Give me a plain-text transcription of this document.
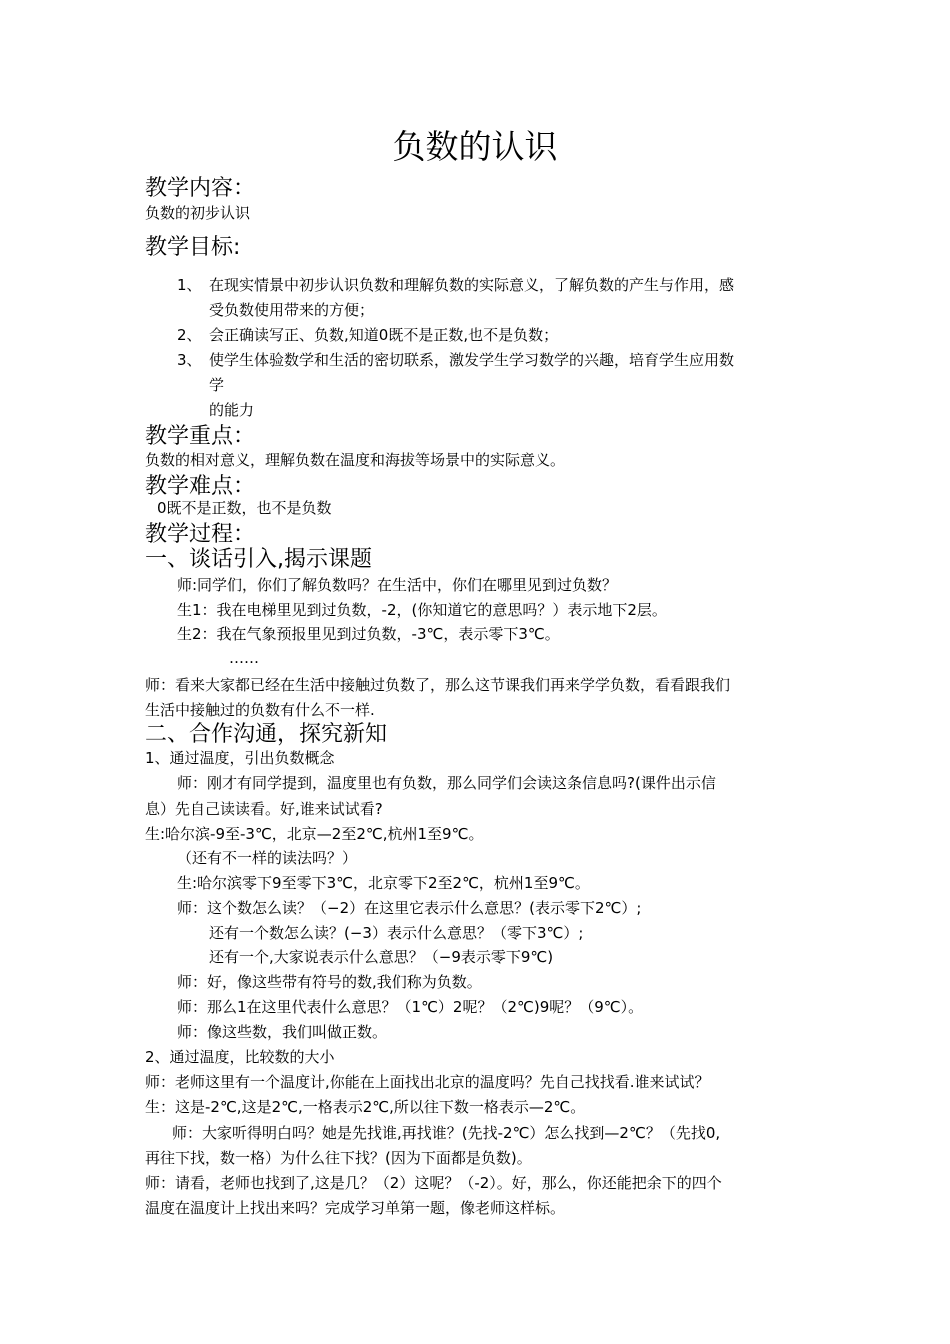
负数的认识
教学内容：
负数的初步认识
教学目标:
1、 在现实情景中初步认识负数和理解负数的实际意义，了解负数的产生与作用，感
受负数使用带来的方便；
2、 会正确读写正、负数,知道0既不是正数,也不是负数；
3、 使学生体验数学和生活的密切联系，激发学生学习数学的兴趣，培育学生应用数
学
的能力
教学重点：
负数的相对意义，理解负数在温度和海拔等场景中的实际意义。
教学难点：
0既不是正数，也不是负数
教学过程：
一、谈话引入,揭示课题
师:同学们，你们了解负数吗？在生活中，你们在哪里见到过负数？
生1：我在电梯里见到过负数，-2，(你知道它的意思吗？）表示地下2层。
生2：我在气象预报里见到过负数，-3℃，表示零下3℃。
……
师：看来大家都已经在生活中接触过负数了，那么这节课我们再来学学负数，看看跟我们
生活中接触过的负数有什么不一样.
二、合作沟通，探究新知
1、通过温度，引出负数概念
师：刚才有同学提到，温度里也有负数，那么同学们会读这条信息吗?(课件出示信
息）先自己读读看。好,谁来试试看?
生:哈尔滨-9至-3℃，北京—2至2℃,杭州1至9℃。
（还有不一样的读法吗？）
生:哈尔滨零下9至零下3℃，北京零下2至2℃，杭州1至9℃。
师：这个数怎么读？（−2）在这里它表示什么意思？(表示零下2℃）;
还有一个数怎么读？(−3）表示什么意思？（零下3℃）;
还有一个,大家说表示什么意思？（−9表示零下9℃)
师：好，像这些带有符号的数,我们称为负数。
师：那么1在这里代表什么意思？（1℃）2呢？（2℃)9呢？（9℃）。
师：像这些数，我们叫做正数。
2、通过温度，比较数的大小
师：老师这里有一个温度计,你能在上面找出北京的温度吗？先自己找找看.谁来试试？
生：这是-2℃,这是2℃,一格表示2℃,所以往下数一格表示—2℃。
师：大家听得明白吗？她是先找谁,再找谁？(先找-2℃）怎么找到—2℃？（先找0,
再往下找，数一格）为什么往下找？(因为下面都是负数)。
师：请看，老师也找到了,这是几？（2）这呢？（-2）。好，那么，你还能把余下的四个
温度在温度计上找出来吗？完成学习单第一题，像老师这样标。
